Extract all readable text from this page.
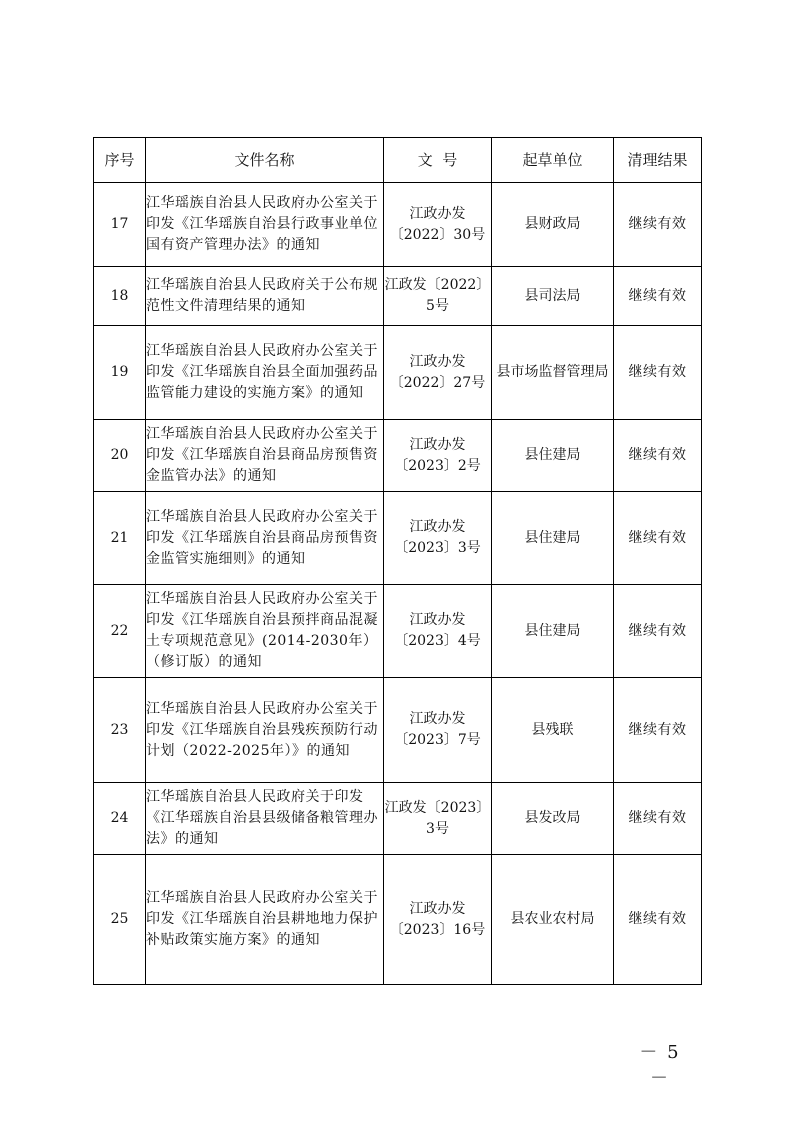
序号	文件名称	文  号	起草单位	清理结果
17	江华瑶族自治县人民政府办公室关于印发《江华瑶族自治县行政事业单位国有资产管理办法》的通知	江政办发〔2022〕30号	县财政局	继续有效
18	江华瑶族自治县人民政府关于公布规范性文件清理结果的通知	江政发〔2022〕5号	县司法局	继续有效
19	江华瑶族自治县人民政府办公室关于印发《江华瑶族自治县全面加强药品监管能力建设的实施方案》的通知	江政办发〔2022〕27号	县市场监督管理局	继续有效
20	江华瑶族自治县人民政府办公室关于印发《江华瑶族自治县商品房预售资金监管办法》的通知	江政办发〔2023〕2号	县住建局	继续有效
21	江华瑶族自治县人民政府办公室关于印发《江华瑶族自治县商品房预售资金监管实施细则》的通知	江政办发〔2023〕3号	县住建局	继续有效
22	江华瑶族自治县人民政府办公室关于印发《江华瑶族自治县预拌商品混凝土专项规范意见》(2014-2030年）（修订版）的通知	江政办发〔2023〕4号	县住建局	继续有效
23	江华瑶族自治县人民政府办公室关于印发《江华瑶族自治县残疾预防行动计划（2022-2025年）》的通知	江政办发〔2023〕7号	县残联	继续有效
24	江华瑶族自治县人民政府关于印发《江华瑶族自治县县级储备粮管理办法》的通知	江政发〔2023〕3号	县发改局	继续有效
25	江华瑶族自治县人民政府办公室关于印发《江华瑶族自治县耕地地力保护补贴政策实施方案》的通知	江政办发〔2023〕16号	县农业农村局	继续有效
－ 5 －
